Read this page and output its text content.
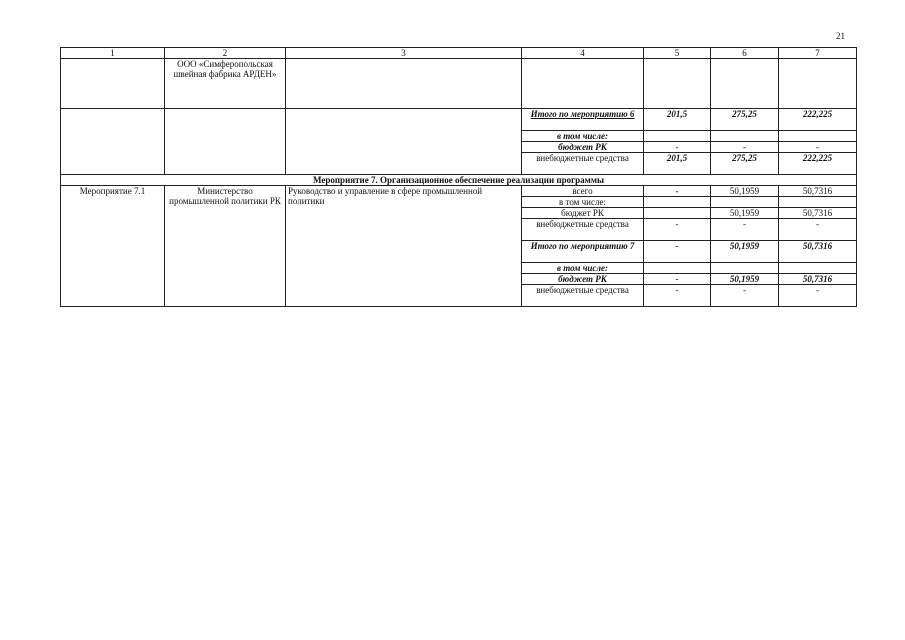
21
1	2	3	4	5	6	7
	ООО «Симферопольская швейная фабрика АРДЕН»					
			Итого по мероприятию 6	201,5	275,25	222,225
			в том числе:			
			бюджет РК	-	-	-
			внебюджетные средства	201,5	275,25	222,225
Мероприятие 7. Организационное обеспечение реализации программы						
Мероприятие 7.1	Министерство промышленной политики РК	Руководство и управление в сфере промышленной политики	всего	-	50,1959	50,7316
			в том числе:			
			бюджет РК		50,1959	50,7316
			внебюджетные средства	-	-	-
			Итого по мероприятию 7	-	50,1959	50,7316
			в том числе:			
			бюджет РК	-	50,1959	50,7316
			внебюджетные средства	-	-	-
